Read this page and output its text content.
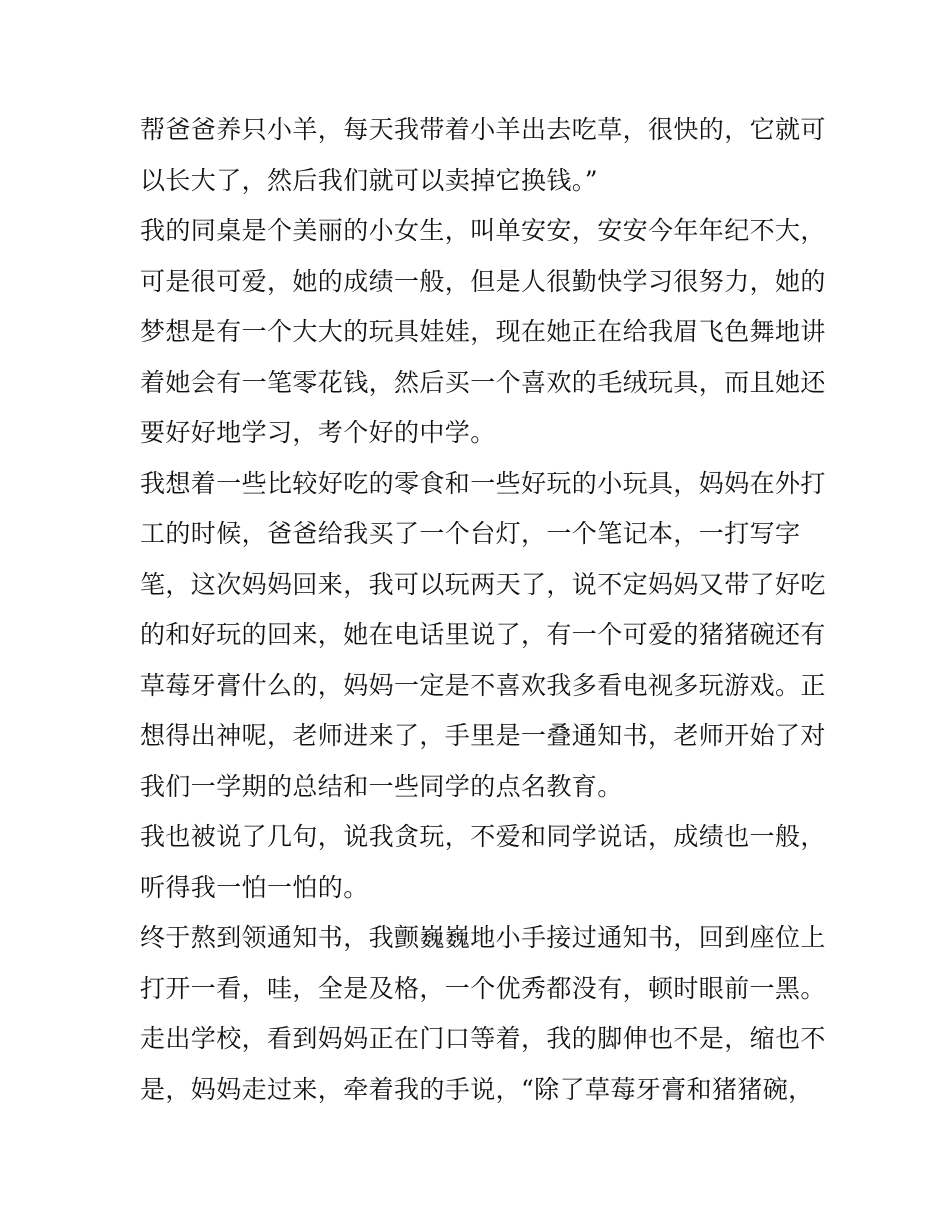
帮爸爸养只小羊，每天我带着小羊出去吃草，很快的，它就可
以长大了，然后我们就可以卖掉它换钱。”
我的同桌是个美丽的小女生，叫单安安，安安今年年纪不大，
可是很可爱，她的成绩一般，但是人很勤快学习很努力，她的
梦想是有一个大大的玩具娃娃，现在她正在给我眉飞色舞地讲
着她会有一笔零花钱，然后买一个喜欢的毛绒玩具，而且她还
要好好地学习，考个好的中学。
我想着一些比较好吃的零食和一些好玩的小玩具，妈妈在外打
工的时候，爸爸给我买了一个台灯，一个笔记本，一打写字
笔，这次妈妈回来，我可以玩两天了，说不定妈妈又带了好吃
的和好玩的回来，她在电话里说了，有一个可爱的猪猪碗还有
草莓牙膏什么的，妈妈一定是不喜欢我多看电视多玩游戏。正
想得出神呢，老师进来了，手里是一叠通知书，老师开始了对
我们一学期的总结和一些同学的点名教育。
我也被说了几句，说我贪玩，不爱和同学说话，成绩也一般，
听得我一怕一怕的。
终于熬到领通知书，我颤巍巍地小手接过通知书，回到座位上
打开一看，哇，全是及格，一个优秀都没有，顿时眼前一黑。
走出学校，看到妈妈正在门口等着，我的脚伸也不是，缩也不
是，妈妈走过来，牵着我的手说，“除了草莓牙膏和猪猪碗，
